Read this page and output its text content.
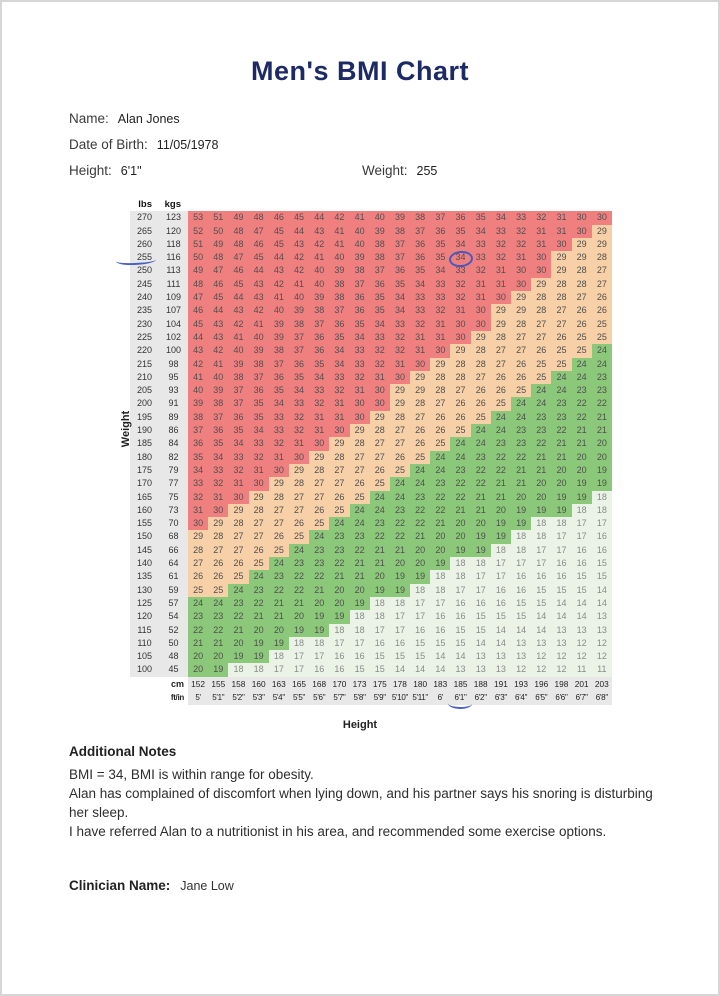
Men's BMI Chart
Name: Alan Jones
Date of Birth: 11/05/1978
Height: 6'1"	Weight: 255
Weight
lbs	kgs																					
270	123	53	51	49	48	46	45	44	42	41	40	39	38	37	36	35	34	33	32	31	30	30
265	120	52	50	48	47	45	44	43	41	40	39	38	37	36	35	34	33	32	31	31	30	29
260	118	51	49	48	46	45	43	42	41	40	38	37	36	35	34	33	32	32	31	30	29	29
255	116	50	48	47	45	44	42	41	40	39	38	37	36	35	34	33	32	31	30	29	29	28
250	113	49	47	46	44	43	42	40	39	38	37	36	35	34	33	32	31	30	30	29	28	27
245	111	48	46	45	43	42	41	40	38	37	36	35	34	33	32	31	31	30	29	28	28	27
240	109	47	45	44	43	41	40	39	38	36	35	34	33	33	32	31	30	29	28	28	27	26
235	107	46	44	43	42	40	39	38	37	36	35	34	33	32	31	30	29	29	28	27	26	26
230	104	45	43	42	41	39	38	37	36	35	34	33	32	31	30	30	29	28	27	27	26	25
225	102	44	43	41	40	39	37	36	35	34	33	32	31	31	30	29	28	27	27	26	25	25
220	100	43	42	40	39	38	37	36	34	33	32	32	31	30	29	28	27	27	26	25	25	24
215	98	42	41	39	38	37	36	35	34	33	32	31	30	29	28	28	27	26	25	25	24	24
210	95	41	40	38	37	36	35	34	33	32	31	30	29	28	28	27	26	26	25	24	24	23
205	93	40	39	37	36	35	34	33	32	31	30	29	29	28	27	26	26	25	24	24	23	23
200	91	39	38	37	35	34	33	32	31	30	30	29	28	27	26	26	25	24	24	23	22	22
195	89	38	37	36	35	33	32	31	31	30	29	28	27	26	26	25	24	24	23	23	22	21
190	86	37	36	35	34	33	32	31	30	29	28	27	26	26	25	24	24	23	23	22	21	21
185	84	36	35	34	33	32	31	30	29	28	27	27	26	25	24	24	23	23	22	21	21	20
180	82	35	34	33	32	31	30	29	28	27	27	26	25	24	24	23	22	22	21	21	20	20
175	79	34	33	32	31	30	29	28	27	27	26	25	24	24	23	22	22	21	21	20	20	19
170	77	33	32	31	30	29	28	27	27	26	25	24	24	23	22	22	21	21	20	20	19	19
165	75	32	31	30	29	28	27	27	26	25	24	24	23	22	22	21	21	20	20	19	19	18
160	73	31	30	29	28	27	27	26	25	24	24	23	22	22	21	21	20	19	19	19	18	18
155	70	30	29	28	27	27	26	25	24	24	23	22	22	21	20	20	19	19	18	18	17	17
150	68	29	28	27	27	26	25	24	23	23	22	22	21	20	20	19	19	18	18	17	17	16
145	66	28	27	27	26	25	24	23	23	22	21	21	20	20	19	19	18	18	17	17	16	16
140	64	27	26	26	25	24	23	23	22	21	21	20	20	19	18	18	17	17	17	16	16	15
135	61	26	26	25	24	23	22	22	21	21	20	19	19	18	18	17	17	16	16	16	15	15
130	59	25	25	24	23	22	22	21	20	20	19	19	18	18	17	17	16	16	15	15	15	14
125	57	24	24	23	22	21	21	20	20	19	18	18	17	17	16	16	16	15	15	14	14	14
120	54	23	23	22	21	21	20	19	19	18	18	17	17	16	16	15	15	15	14	14	14	13
115	52	22	22	21	20	20	19	19	18	18	17	17	16	16	15	15	14	14	14	13	13	13
110	50	21	21	20	19	19	18	18	17	17	16	16	15	15	15	14	14	13	13	13	12	12
105	48	20	20	19	19	18	17	17	16	16	15	15	15	14	14	13	13	13	12	12	12	12
100	45	20	19	18	18	17	17	16	16	15	15	14	14	14	13	13	13	12	12	12	11	11
	cm	152	155	158	160	163	165	168	170	173	175	178	180	183	185	188	191	193	196	198	201	203
	ft/in	5'	5'1"	5'2"	5'3"	5'4"	5'5"	5'6"	5'7"	5'8"	5'9"	5'10"	5'11"	6'	6'1"	6'2"	6'3"	6'4"	6'5"	6'6"	6'7"	6'8"
Height
Additional Notes

BMI = 34, BMI is within range for obesity.

Alan has complained of discomfort when lying down, and his partner says his snoring is disturbing her sleep.

I have referred Alan to a nutritionist in his area, and recommended some exercise options.

Clinician Name: Jane Low
